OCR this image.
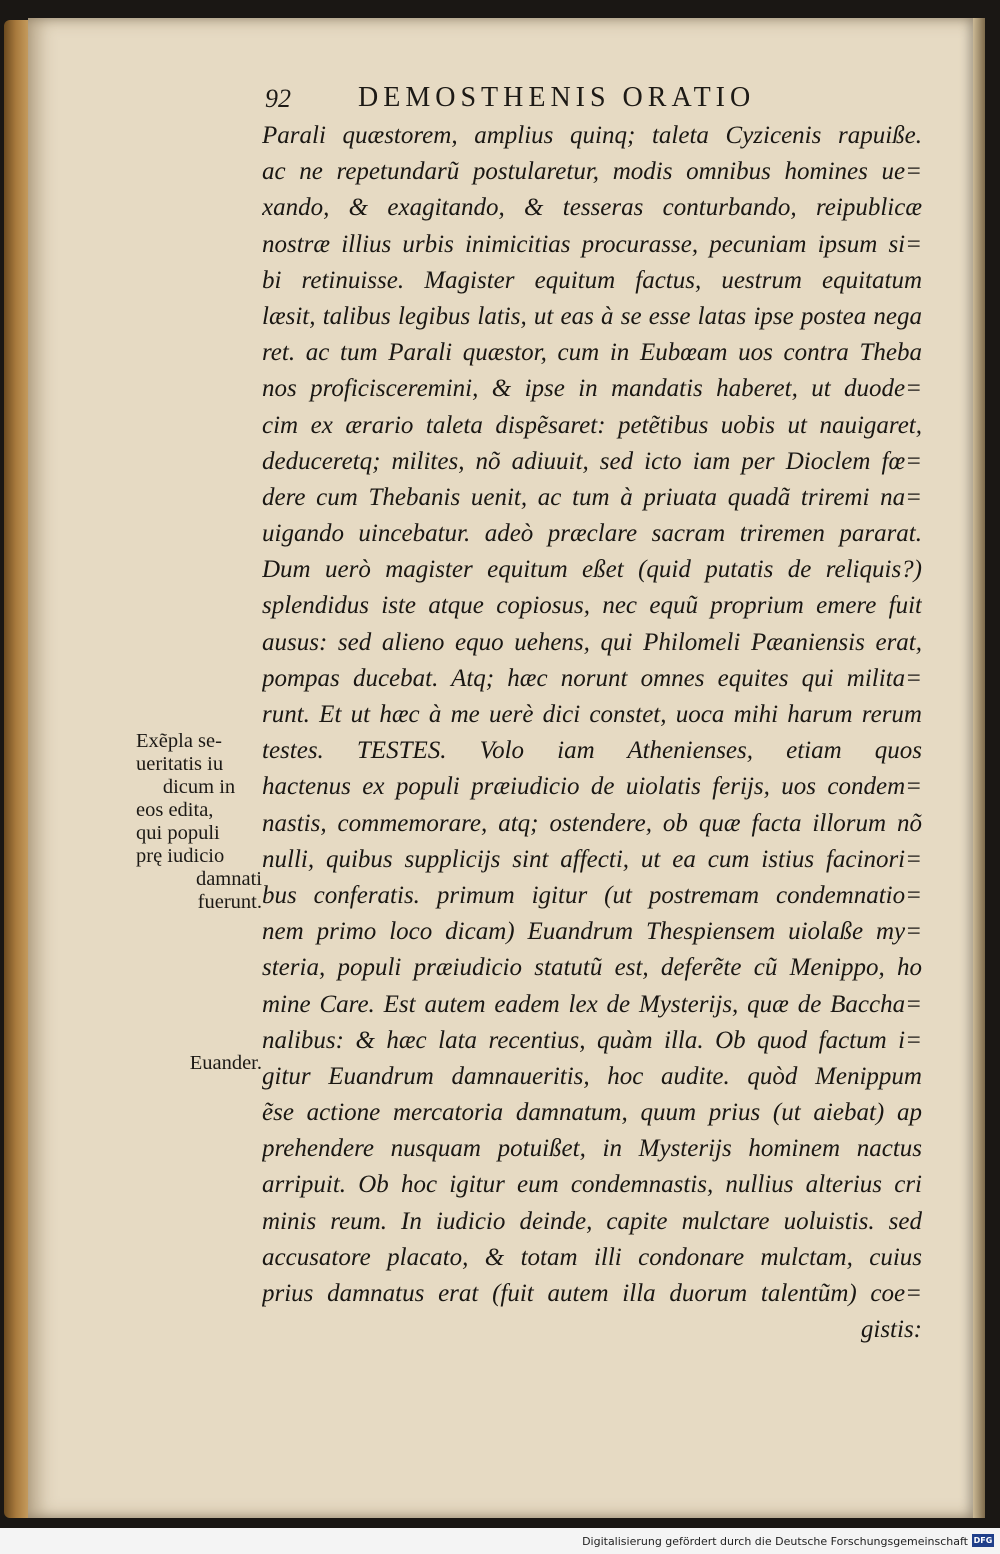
92 DEMOSTHENIS ORATIO
Parali quæstorem, amplius quinq; taleta Cyzicenis rapuiße.
ac ne repetundarũ postularetur, modis omnibus homines ue=
xando, & exagitando, & tesseras conturbando, reipublicæ
nostræ illius urbis inimicitias procurasse, pecuniam ipsum si=
bi retinuisse. Magister equitum factus, uestrum equitatum
læsit, talibus legibus latis, ut eas à se esse latas ipse postea nega
ret. ac tum Parali quæstor, cum in Eubœam uos contra Theba
nos proficisceremini, & ipse in mandatis haberet, ut duode=
cim ex ærario taleta dispẽsaret: petẽtibus uobis ut nauigaret,
deduceretq; milites, nõ adiuuit, sed icto iam per Dioclem fœ=
dere cum Thebanis uenit, ac tum à priuata quadã triremi na=
uigando uincebatur. adeò præclare sacram triremen pararat.
Dum uerò magister equitum eßet (quid putatis de reliquis?)
splendidus iste atque copiosus, nec equũ proprium emere fuit
ausus: sed alieno equo uehens, qui Philomeli Pæaniensis erat,
pompas ducebat. Atq; hæc norunt omnes equites qui milita=
runt. Et ut hæc à me uerè dici constet, uoca mihi harum rerum
testes. TESTES. Volo iam Athenienses, etiam quos
hactenus ex populi præiudicio de uiolatis ferijs, uos condem=
nastis, commemorare, atq; ostendere, ob quæ facta illorum nõ
nulli, quibus supplicijs sint affecti, ut ea cum istius facinori=
bus conferatis. primum igitur (ut postremam condemnatio=
nem primo loco dicam) Euandrum Thespiensem uiolaße my=
steria, populi præiudicio statutũ est, deferẽte cũ Menippo, ho
mine Care. Est autem eadem lex de Mysterijs, quæ de Baccha=
nalibus: & hæc lata recentius, quàm illa. Ob quod factum i=
gitur Euandrum damnaueritis, hoc audite. quòd Menippum
ẽse actione mercatoria damnatum, quum prius (ut aiebat) ap
prehendere nusquam potuißet, in Mysterijs hominem nactus
arripuit. Ob hoc igitur eum condemnastis, nullius alterius cri
minis reum. In iudicio deinde, capite mulctare uoluistis. sed
accusatore placato, & totam illi condonare mulctam, cuius
prius damnatus erat (fuit autem illa duorum talentũm) coe=
gistis:
Exẽpla se-
ueritatis iu
dicum in
eos edita,
qui populi
prę iudicio
damnati
fuerunt.
Euander.
Digitalisierung gefördert durch die Deutsche Forschungsgemeinschaft DFG
